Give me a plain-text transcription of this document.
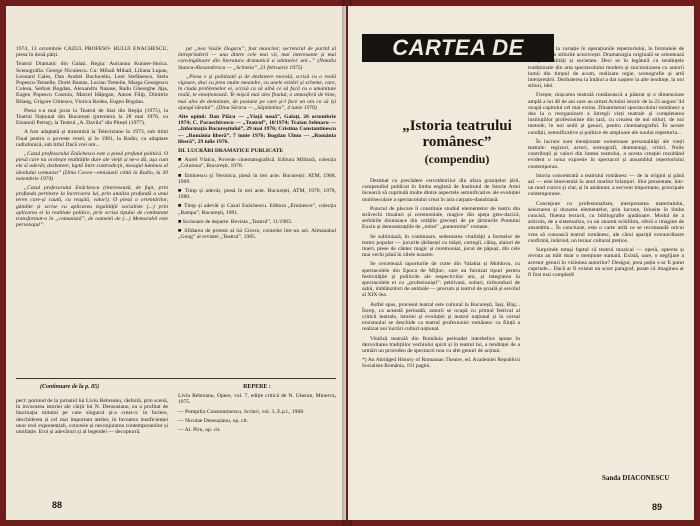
1974, 13 octombrie CAZUL PROFESO- RULUI ENACHESCU, piesa în două părți.

Teatrul Dramatic din Galați. Regia: Aurianna Kunner-Stoica. Scenografia: George Niculescu. Cu: Mihail Mihail, Liliana Lupan, Leonard Cales, Dan Andrei Bucluceliu, Leni Stefănescu, Stela Popescu-Tenselle, Dorel Bantas, Lucian Temelie, Marga Georgescu Colesa, Serban Bogdan, Alexandru Nasase, Radu Gheorghe Jipa, Eugen Popescu Cosmin, Marcel Hățegan, Anton Filip, Dimitrie Bilang, Grigore Chitescu, Viorica Rodea, Eugen Bogdan.

Piesa s-a mai jucat la Teatrul de Stat din Reșița (1975), la Teatrul Național din București (premiera la 28 mai 1976, cu Emanoil Petruț), la Teatrul „A. Davila” din Pitești (1977).

A fost adaptată și transmisă la Televiziune în 1973, sub titlul Final pentru o poveste vesel, și în 1981, la Radio, cu adaptare radiofonică, sub titlul Dacă vrei om...

„Cazul profesorului Enăchescu este o piesă profund politică. O piesă care nu ocolește realitățile dure ale vieții și ne-o dă, așa cum ele sî adevăr, dezbatere, luptă între contradicții, mesajul luminos al idealului comunist” (Dina Cocea—emisiunii citită la Radio, la 30 noiembrie 1974)

„Cazul profesorului Enăchescu (interesează, de fapt, prin profunda pertinere la încercarea lui, prin analiza profundă a unui teren care-și caută, cu reușită, valori). O piesă a orientărilor, gândite și scrise cu aplicarea legalității socialiste (...) prin aplicarea ei la realitate politice, prin scrisa tipului de combatant transformat-o în „comunistă”, de oamenii de (...) Memorabil este personajul”.

jut „nea Vasile Dogaru”, fost muncitor, secretarul de partid al întreprinderii — una dintre cele mai vii, mai interesante și mai convingătoare din literatura dramatică a ultimelor ani...” (Natalia Stancu-Alexandrescu — „Scînteia”, 21 februarie 1975)

„Piesa e și politizată și de dezbatere morală, scrisă cu o reală vigoare, deși cu prea multe meandre, cu unele ezitări și scheme, care, în ciuda problemelor ei, scrisă ca să aibă ce să facă cu o umanitate reală, te emoționează. Te mișcă mai ales finalul, o atmosferă de bine, mai ales de demnitate, de pasiune pe care și-l face un om ca să își ajungă idealul”. (Dinu Săraru — „Săptămîna”, 4 iunie 1976)

Alte opinii: Dan Plăcu — „Viață nouă”, Galați, 26 octombrie 1974; C. Paraschivescu — „Teatrul”, 10/1974; Traian Selmaru — „Informația Bucureștiului”, 29 mai 1976; Cristina Constantinescu — „România liberă”, 7 iunie 1976; Bogdan Ulmu — „România liberă”, 29 iulie 1976.

III. LUCRĂRI DRAMATICE PUBLICATE

■ Aurel Vlaicu, Poveste cinematografică. Editura Militară, colecția „Columna”, București, 1978.

■ Eminescu și Veronica, piesă în trei acte. București: ATM, 1968, 1969.

■ Timp și adevăr, piesă în trei acte. București, ATM, 1970, 1978, 1980.

■ Timp și adevăr și Cazul Enăchescu. Editura „Eminescu”, colecția „Rampa”, București, 1981.

■ Scrisoare de departe. Revista „Teatrul”, 11/1983.

■ Sfidarea de protest al lui Cicero, comedie într-un act. Almanahul „Gong” al revistei „Teatrul”, 1985.

(Continuare de la p. 85)

pect: pornind de la jurnalul lui Liviu Rebreanu, răsfoită, prin scenă, în invocarea istoriei ale cărții lui N. Densusianu, ea a profitat de fascinația mitului pe care singurul și-a creat-o: în furiere, deschiderea și cel mai important atelier, în favoarea insuficienței unor eroi exponențiali, concesie și neconjurarea contemporanilor și umiliație. Eroi și adevăruri și al legendei — decopturră.

REPERE :

Liviu Rebreanu, Opere, vol. 7, ediție critică de N. Gheran, Minerva, 1975.

— Pompiliu Constantinescu, Scrieri, vol. 3, E.p.l., 1968.

— Nicolae Densușianu, op. cit.

— Al. Piru, op. cit.

88
CARTEA DE TEATRU
„Istoria teatrului românesc”
(compendiu)

Destinat cu precădere cercetătorilor din afara granițelor țării, compendiul publicat în limba engleză de Institutul de Istorie Artei încearcă să cuprindă multe dintre aspectele semnificative ale evoluției multiseculare a spectacolului creat în aria carpato-danubiană.

Punctul de plecare îl constituie studiul elementelor de teatru din străvechi ritualuri și ceremoniale, magice din speța geto-dacică, serbările dionisiace din cetățile grecești de pe țărmurile Pontului Euxin și demonstrațiile de „mimi” „pantomimi” romane.

Se subliniază, în continuare, sedentarea vitalității a formelor de teatru popular — jocurile țărănești cu măști, cortegii, căluș, alaiuri de tineri, piese de cântec magic și ceremonial, jocul de păpuși, din cele mai vechi până în zilele noastre.

Se cercetează raporturile de curte din Valahia și Moldova, cu spectacolele din Epoca de Mijloc, care au furnizat tipuri pentru festivitățile și politicile ale respectivilor ani, și integrarea în spectacolele ei cu „profesioniști”: pehlivani, soltari, tiribombari de sabii, imblânzitori de animale — precum și teatrul de școală și secolul al XIX-lea.

Astfel spus, procesul teatral este cultural la București, Iași, Blaj... Încep, ca această perioadă, autorii se ocupă cu primul festival al criticii teatrale, istoriei și evoluției și teatrul național și în cursul eroismului se deschide ca teatrul profesionist românesc ca ființă a realizat noi lucrări culturi național.

Vitaliză teatrală din România perioadei interbelice spune în dezvoltarea tradițiilor vechiului spirit și în teatrul lui, a tendinței de a urmări un procedeu de spectacol nou cu alte genuri de acțiuni.

*) An Abridged History of Romanian Theatre, ed. Academiei Republicii Socialiste România, 191 pagini.

ce duce la variație în operațiunile repertoriului, în formulele de spectacol, în stilurile actoricești. Dramaturgia originală se orientează în spre realități și societate. Deci se în legătură cu tendințele tradiționale din arta spectacolului modern și sincronizarea cu autorii lumii din timpul de acum, realizare regie, scenografie și artă interpretării. Dezbaterea la întâiul a dat naștere la alte tendințe, la noi stiluri, idei.

Firește, mișcarea teatrală românească a păstrat și o dimensiune amplă a lui 40 de ani care au urmat Actului istoric de la 23 august '44 ocupă capitolul cel mai extins. Dinamismul spectacolului românesc a dus la o reorganizare a întregii vieți teatrale și completarea instituțiilor profesioniste din țară, cu crearea de noi stiluri, de noi metode, în noi sedii și genuri, pentru cinematograful. În aceste condiții, semnificative și politice de amploare ale noului repertoriu...

În lucrare sunt menționate numeroase personalități ale vieții teatrale: regizori, actori, scenografi, dramaturgi, critici. Noile contribuții și valori din lumea teatrului, a acesta creației rezultând evident o noua expresie în spectacol și ansamblul repertoriului contemporan.

Istoria concentrată a teatrului românesc — de la origini și până azi — este binevenită în anul marilor bilanțuri. Sînt prezentate, într-un mod concis și clar, și în amănunt, a secvent importante, principale contemporane.

Concepute cu profesionalism, interpretarea materialului, selectarea și dozarea elementelor, prin lucrare, folosite în limba concisă, fluenta lecturii, cu bibliografie ajutătoare. Modul de a articula, de a sistematiza, cu un anumit echilibru, oferă o imagine de ansamblu... În concluzie, este o carte utilă ce se recomandă oricui vrea să cunoască teatrul românesc, ale cărui apariții extraordinare confirmă, întărind, un tezaur cultural prețios.

Surprinde totuși faptul că teatrul muzical — operă, opereta și revista au trăit doar o mențiune sumară. Există, oare, o neglijare a acestor genuri în viziunea autorilor? Desigur, prea puțin s-ar fi putut cuprinde... Dacă ar fi existat un scurt paragraf, poate că imaginea ar fi fost mai completă!

Sanda DIACONESCU
89
